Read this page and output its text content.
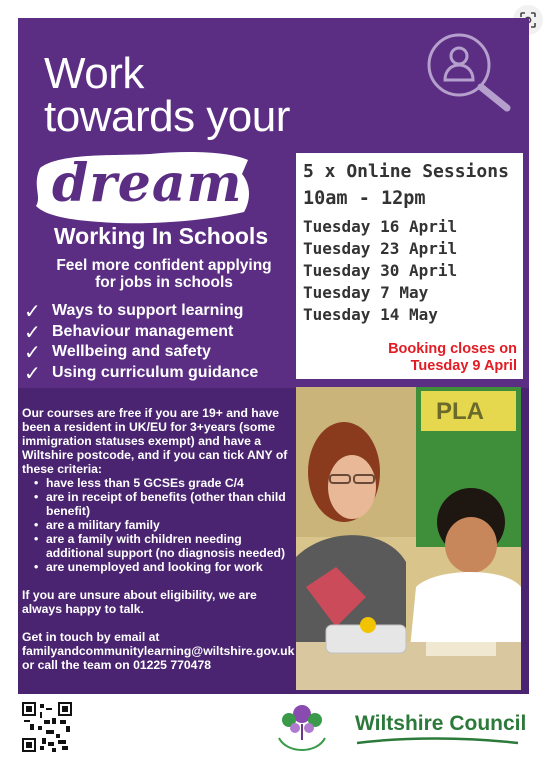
Work
towards your
dream
Working In Schools
Feel more confident applying for jobs in schools
✓ Ways to support learning
✓ Behaviour management
✓ Wellbeing and safety
✓ Using curriculum guidance
5 x Online Sessions
10am - 12pm
Tuesday 16 April
Tuesday 23 April
Tuesday 30 April
Tuesday 7 May
Tuesday 14 May
Booking closes on
Tuesday 9 April

Our courses are free if you are 19+ and have been a resident in UK/EU for 3+years (some immigration statuses exempt) and have a Wiltshire postcode, and if you can tick ANY of these criteria:

• have less than 5 GCSEs grade C/4
• are in receipt of benefits (other than child benefit)
• are a military family
• are a family with children needing additional support (no diagnosis needed)
• are unemployed and looking for work

If you are unsure about eligibility, we are always happy to talk.

Get in touch by email at familyandcommunitylearning@wiltshire.gov.uk or call the team on 01225 770478

PLA
Wiltshire Council
